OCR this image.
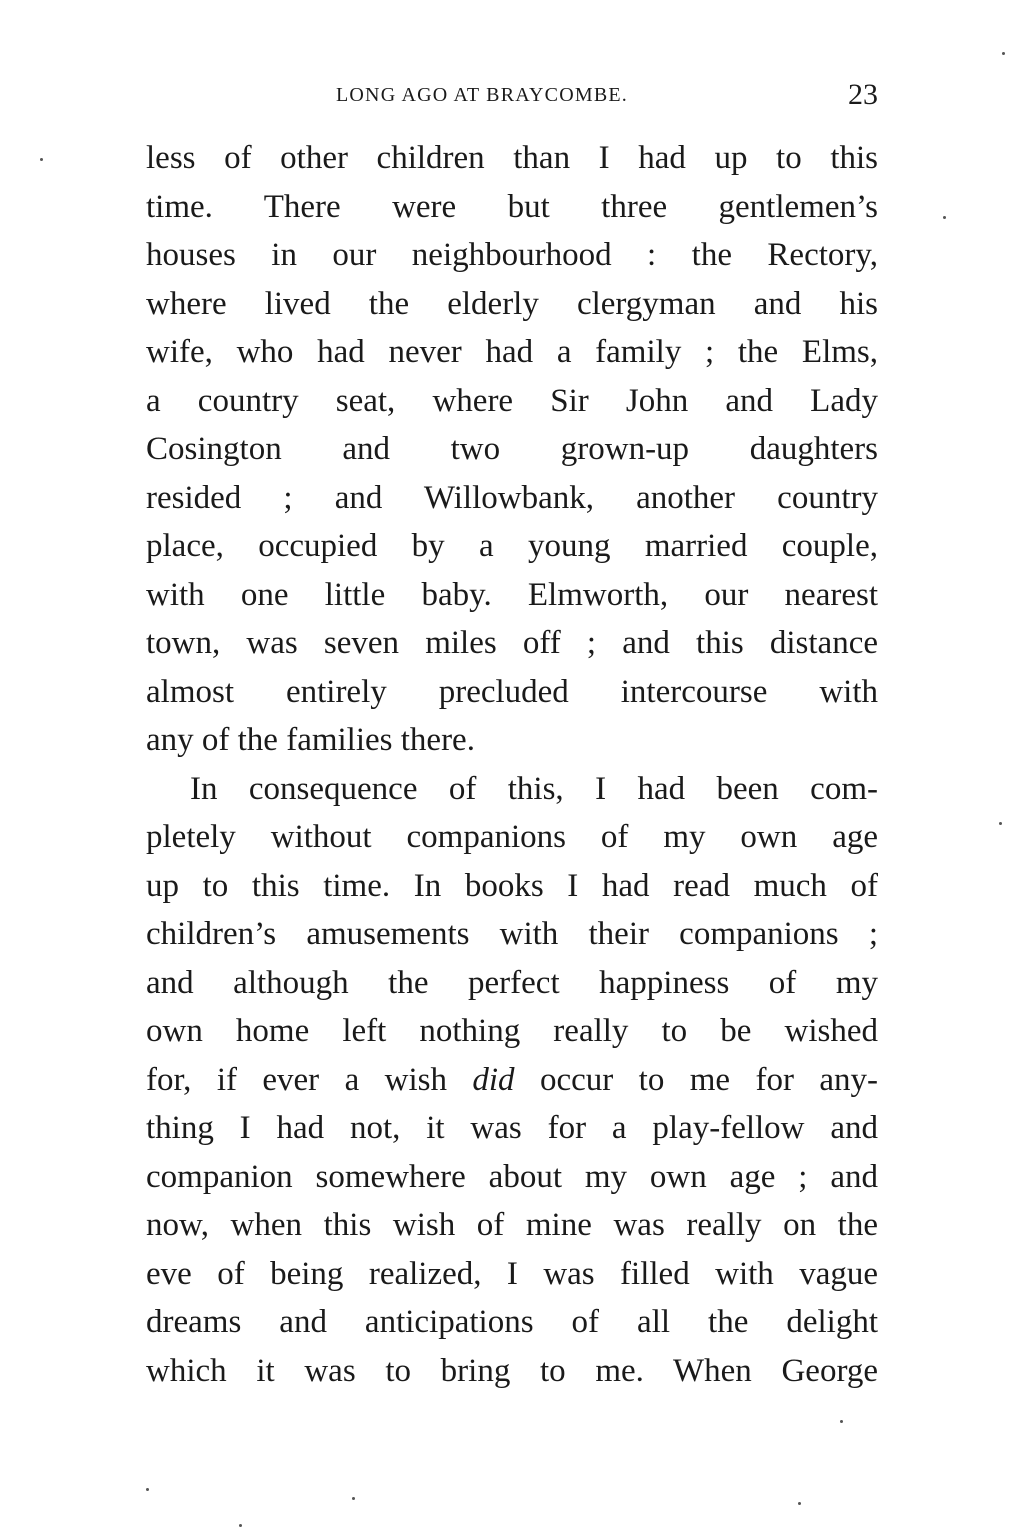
LONG AGO AT BRAYCOMBE.	23
less of other children than I had up to this
time. There were but three gentlemen’s
houses in our neighbourhood : the Rectory,
where lived the elderly clergyman and his
wife, who had never had a family ; the Elms,
a country seat, where Sir John and Lady
Cosington and two grown-up daughters
resided ; and Willowbank, another country
place, occupied by a young married couple,
with one little baby. Elmworth, our nearest
town, was seven miles off ; and this distance
almost entirely precluded intercourse with
any of the families there.
In consequence of this, I had been com-
pletely without companions of my own age
up to this time. In books I had read much of
children’s amusements with their companions ;
and although the perfect happiness of my
own home left nothing really to be wished
for, if ever a wish did occur to me for any-
thing I had not, it was for a play-fellow and
companion somewhere about my own age ; and
now, when this wish of mine was really on the
eve of being realized, I was filled with vague
dreams and anticipations of all the delight
which it was to bring to me. When George
